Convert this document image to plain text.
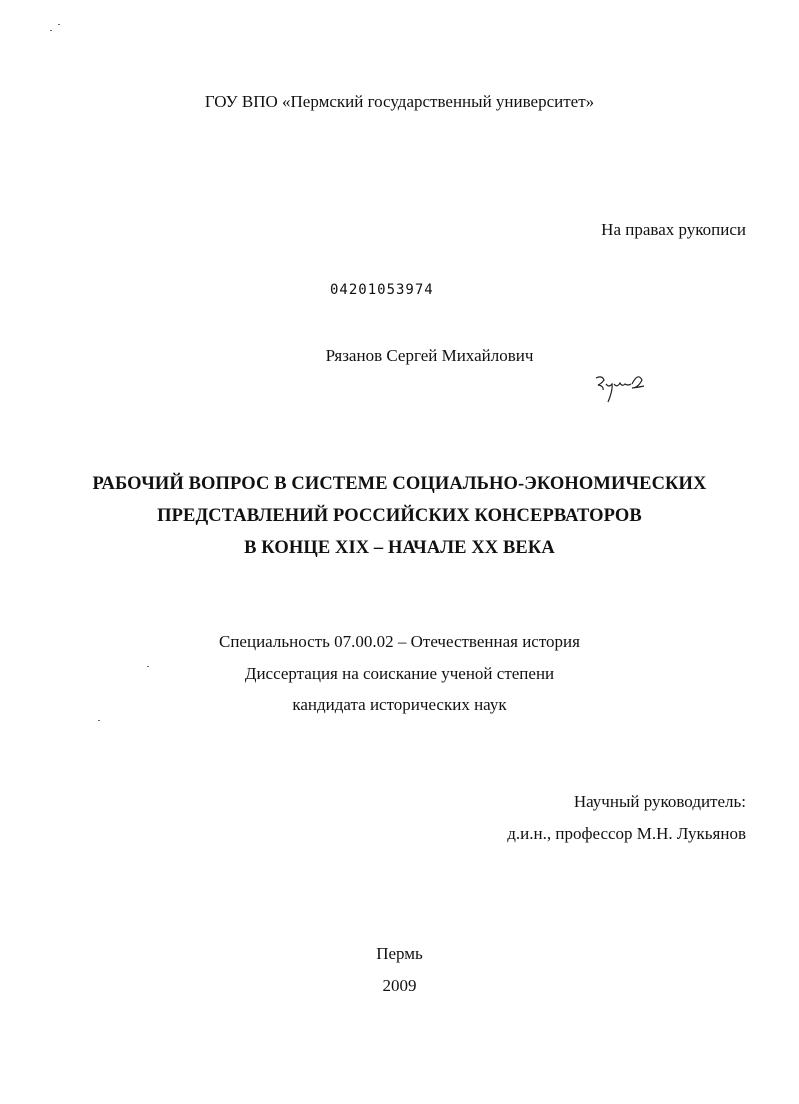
ГОУ ВПО «Пермский государственный университет»
На правах рукописи
04201053974
Рязанов Сергей Михайлович
РАБОЧИЙ ВОПРОС В СИСТЕМЕ СОЦИАЛЬНО-ЭКОНОМИЧЕСКИХ
ПРЕДСТАВЛЕНИЙ РОССИЙСКИХ КОНСЕРВАТОРОВ
В КОНЦЕ XIX – НАЧАЛЕ XX ВЕКА
Специальность 07.00.02 – Отечественная история
Диссертация на соискание ученой степени
кандидата исторических наук
Научный руководитель:
д.и.н., профессор М.Н. Лукьянов
Пермь
2009
